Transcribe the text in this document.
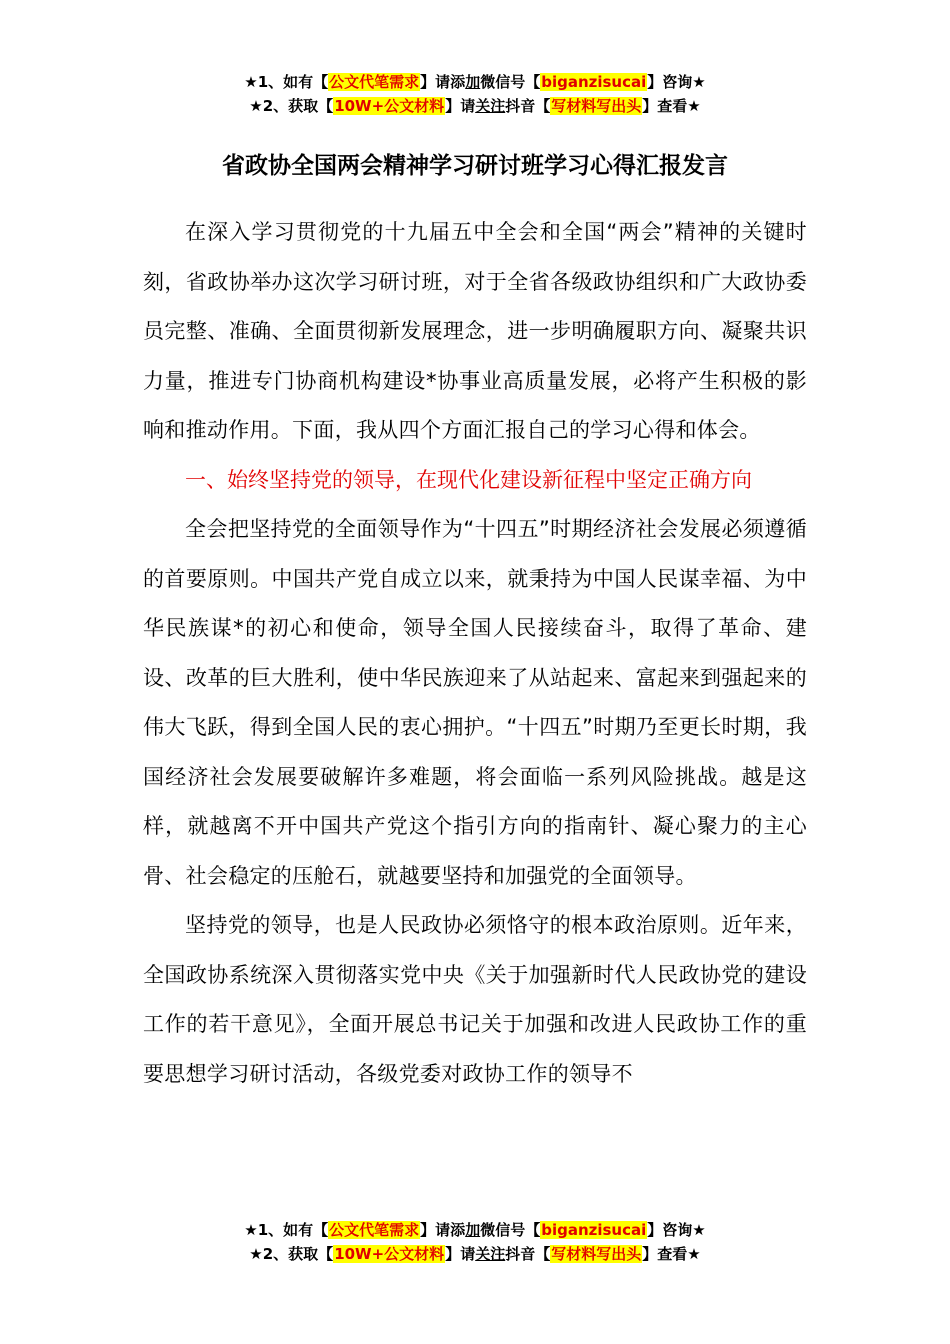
★1、如有【公文代笔需求】请添加微信号【biganzisucai】咨询★
★2、获取【10W+公文材料】请关注抖音【写材料写出头】查看★
省政协全国两会精神学习研讨班学习心得汇报发言

在深入学习贯彻党的十九届五中全会和全国“两会”精神的关键时刻，省政协举办这次学习研讨班，对于全省各级政协组织和广大政协委员完整、准确、全面贯彻新发展理念，进一步明确履职方向、凝聚共识力量，推进专门协商机构建设*协事业高质量发展，必将产生积极的影响和推动作用。下面，我从四个方面汇报自己的学习心得和体会。

一、始终坚持党的领导，在现代化建设新征程中坚定正确方向

全会把坚持党的全面领导作为“十四五”时期经济社会发展必须遵循的首要原则。中国共产党自成立以来，就秉持为中国人民谋幸福、为中华民族谋*的初心和使命，领导全国人民接续奋斗，取得了革命、建设、改革的巨大胜利，使中华民族迎来了从站起来、富起来到强起来的伟大飞跃，得到全国人民的衷心拥护。“十四五”时期乃至更长时期，我国经济社会发展要破解许多难题，将会面临一系列风险挑战。越是这样，就越离不开中国共产党这个指引方向的指南针、凝心聚力的主心骨、社会稳定的压舱石，就越要坚持和加强党的全面领导。

坚持党的领导，也是人民政协必须恪守的根本政治原则。近年来，全国政协系统深入贯彻落实党中央《关于加强新时代人民政协党的建设工作的若干意见》，全面开展总书记关于加强和改进人民政协工作的重要思想学习研讨活动，各级党委对政协工作的领导不

★1、如有【公文代笔需求】请添加微信号【biganzisucai】咨询★
★2、获取【10W+公文材料】请关注抖音【写材料写出头】查看★
